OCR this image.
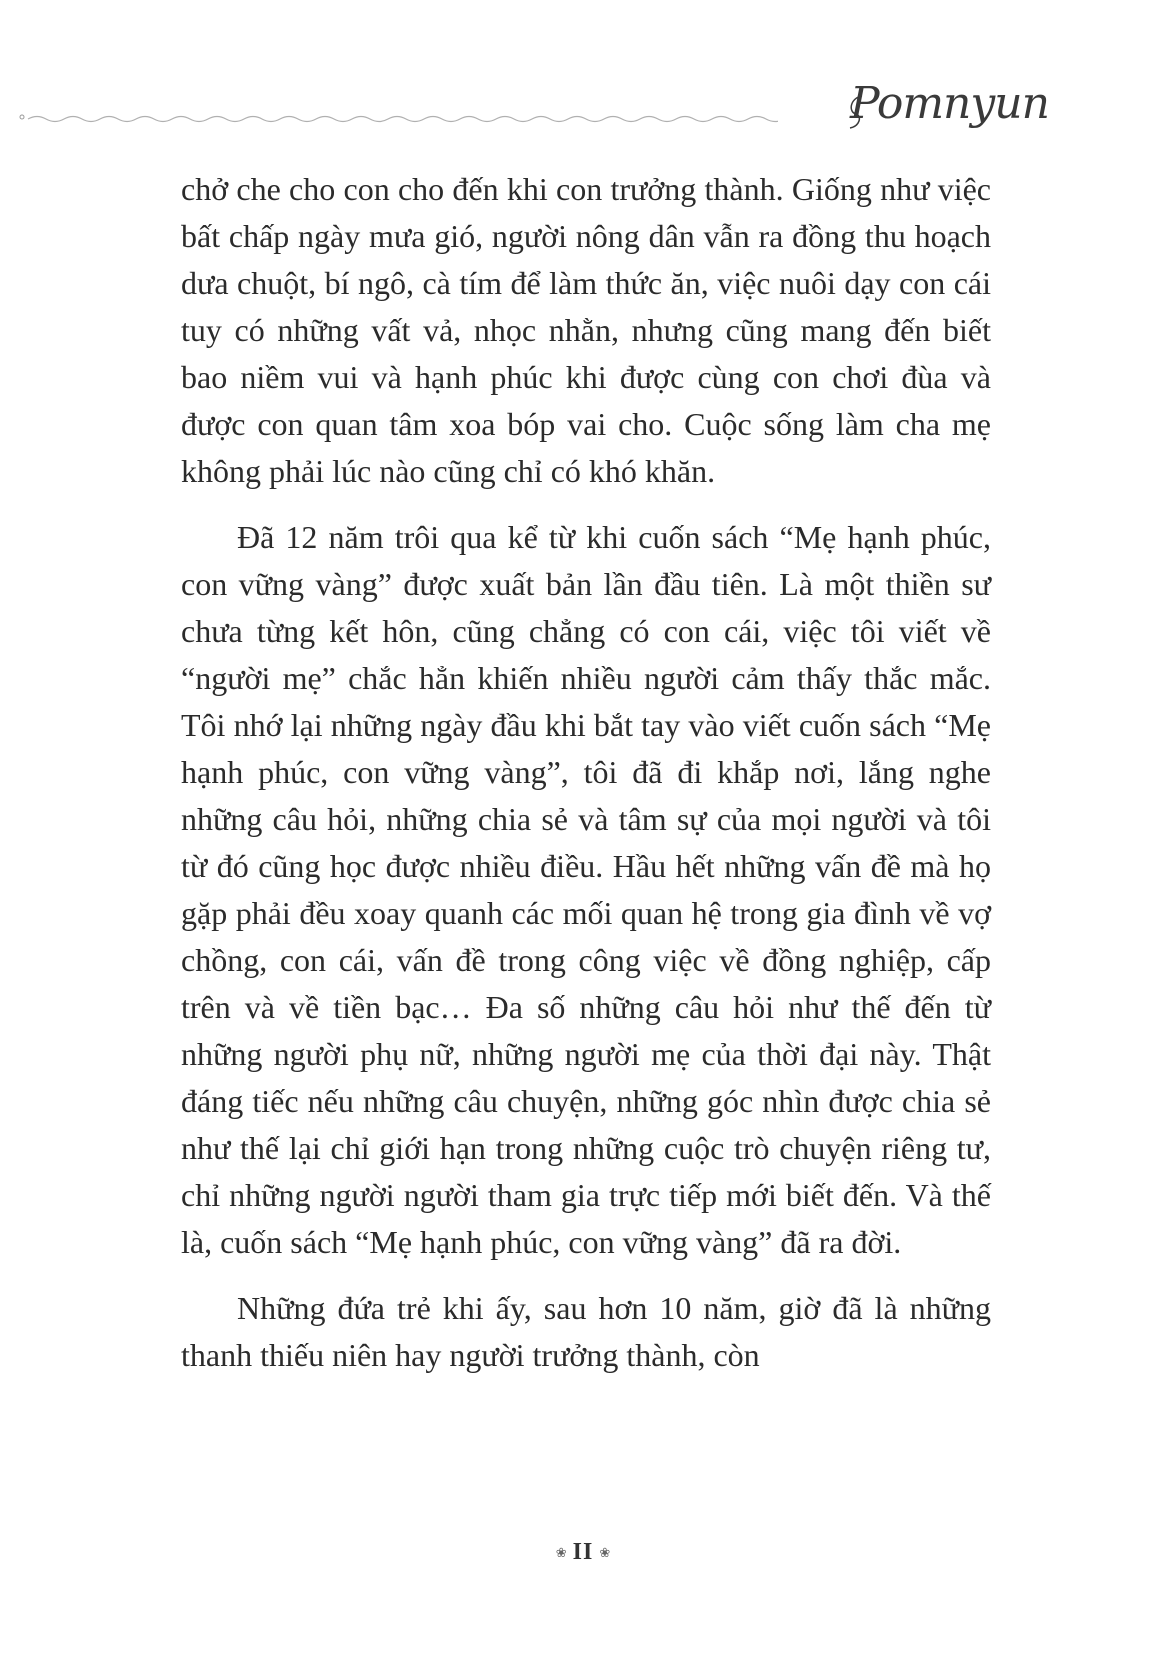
Pomnyun

chở che cho con cho đến khi con trưởng thành. Giống như việc bất chấp ngày mưa gió, người nông dân vẫn ra đồng thu hoạch dưa chuột, bí ngô, cà tím để làm thức ăn, việc nuôi dạy con cái tuy có những vất vả, nhọc nhằn, nhưng cũng mang đến biết bao niềm vui và hạnh phúc khi được cùng con chơi đùa và được con quan tâm xoa bóp vai cho. Cuộc sống làm cha mẹ không phải lúc nào cũng chỉ có khó khăn.

Đã 12 năm trôi qua kể từ khi cuốn sách “Mẹ hạnh phúc, con vững vàng” được xuất bản lần đầu tiên. Là một thiền sư chưa từng kết hôn, cũng chẳng có con cái, việc tôi viết về “người mẹ” chắc hẳn khiến nhiều người cảm thấy thắc mắc. Tôi nhớ lại những ngày đầu khi bắt tay vào viết cuốn sách “Mẹ hạnh phúc, con vững vàng”, tôi đã đi khắp nơi, lắng nghe những câu hỏi, những chia sẻ và tâm sự của mọi người và tôi từ đó cũng học được nhiều điều. Hầu hết những vấn đề mà họ gặp phải đều xoay quanh các mối quan hệ trong gia đình về vợ chồng, con cái, vấn đề trong công việc về đồng nghiệp, cấp trên và về tiền bạc… Đa số những câu hỏi như thế đến từ những người phụ nữ, những người mẹ của thời đại này. Thật đáng tiếc nếu những câu chuyện, những góc nhìn được chia sẻ như thế lại chỉ giới hạn trong những cuộc trò chuyện riêng tư, chỉ những người người tham gia trực tiếp mới biết đến. Và thế là, cuốn sách “Mẹ hạnh phúc, con vững vàng” đã ra đời.

Những đứa trẻ khi ấy, sau hơn 10 năm, giờ đã là những thanh thiếu niên hay người trưởng thành, còn

❀ II ❀
